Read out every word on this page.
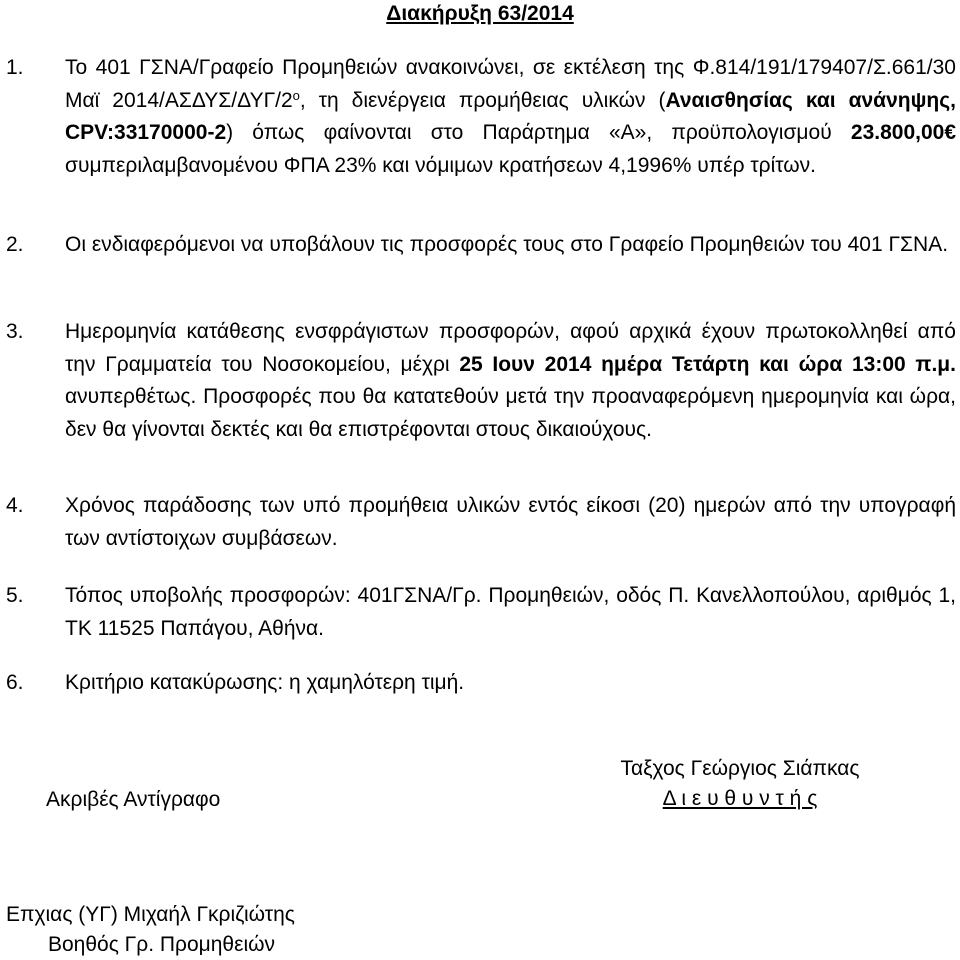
Διακήρυξη 63/2014
1. Το 401 ΓΣΝΑ/Γραφείο Προμηθειών ανακοινώνει, σε εκτέλεση της Φ.814/191/179407/Σ.661/30 Μαϊ $2014/A\Sigma\Delta\Upsilon\Sigma/\Delta\Upsilon\Gamma/2^o$, τη διενέργεια προμήθειας υλικών (Αναισθησίας και ανάνηψης, CPV:33170000-2) όπως φαίνονται στο Παράρτημα «Α», προϋπολογισμού 23.800,00€ συμπεριλαμβανομένου ΦΠΑ 23% και νόμιμων κρατήσεων 4,1996% υπέρ τρίτων.
2. Οι ενδιαφερόμενοι να υποβάλουν τις προσφορές τους στο Γραφείο Προμηθειών του 401 ΓΣΝΑ.
3. Ημερομηνία κατάθεσης ενσφράγιστων προσφορών, αφού αρχικά έχουν πρωτοκολληθεί από την Γραμματεία του Νοσοκομείου, μέχρι 25 Ιουν 2014 ημέρα Τετάρτη και ώρα 13:00 π.μ. ανυπερθέτως. Προσφορές που θα κατατεθούν μετά την προαναφερόμενη ημερομηνία και ώρα, δεν θα γίνονται δεκτές και θα επιστρέφονται στους δικαιούχους.
4. Χρόνος παράδοσης των υπό προμήθεια υλικών εντός είκοσι (20) ημερών από την υπογραφή των αντίστοιχων συμβάσεων.
5. Τόπος υποβολής προσφορών: 401ΓΣΝΑ/Γρ. Προμηθειών, οδός Π. Κανελλοπούλου, αριθμός 1, ΤΚ 11525 Παπάγου, Αθήνα.
6. Κριτήριο κατακύρωσης: η χαμηλότερη τιμή.
Ακριβές Αντίγραφο
Ταξχος Γεώργιος Σιάπκας
Δ ι ε υ θ υ ν τ ή ς
Επχιας (ΥΓ) Μιχαήλ Γκριζιώτης
Βοηθός Γρ. Προμηθειών
